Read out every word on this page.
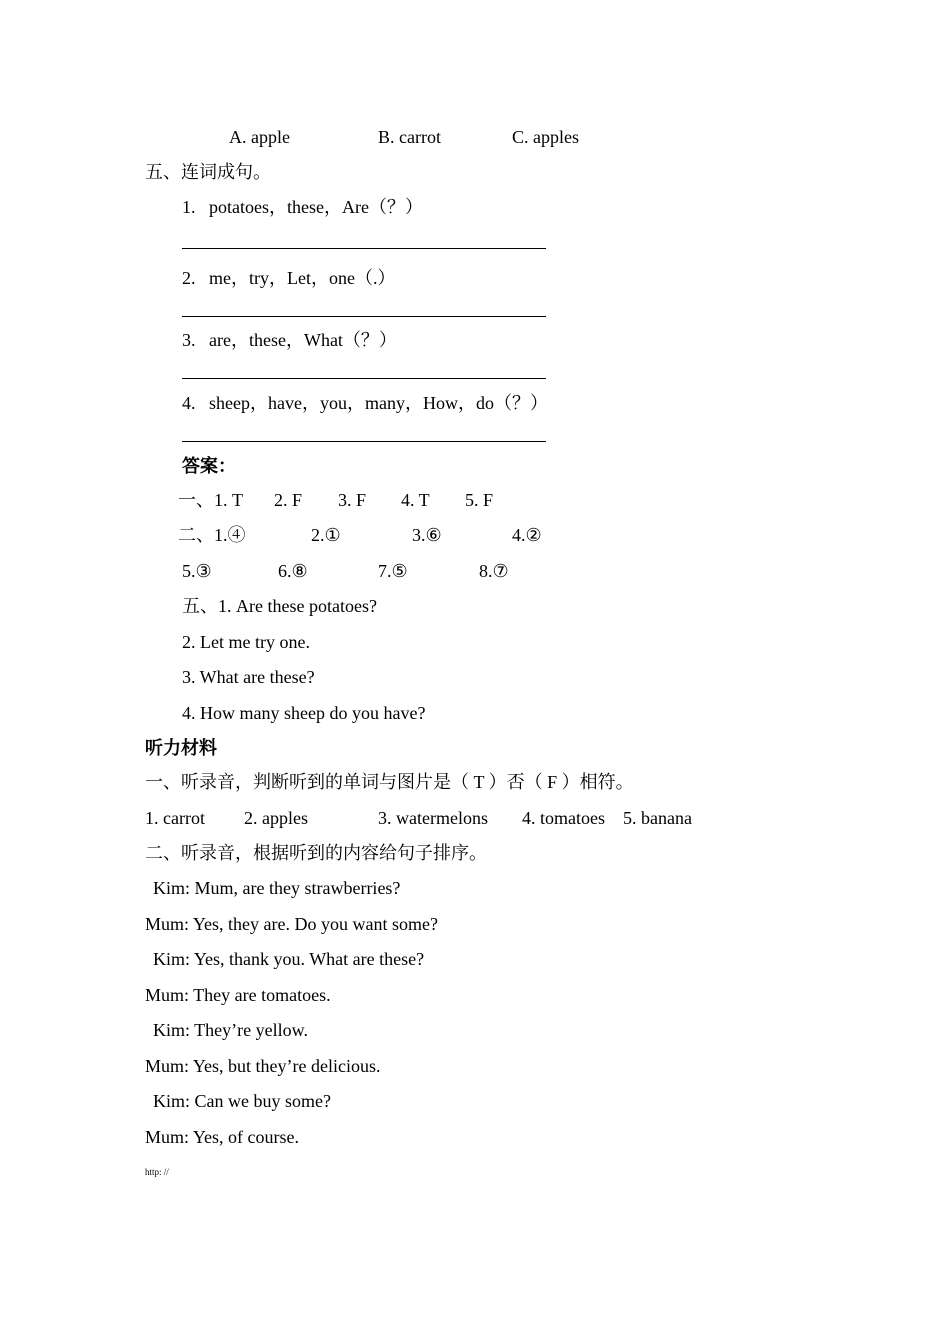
A. apple	B. carrot	C. apples
五、连词成句。
1.   potatoes，these，Are（？）
2.   me，try，Let，one（.）
3.   are，these，What（？）
4.   sheep，have，you，many，How，do（？）
答案：
一、1. T 2. F 3. F 4. T 5. F
二、1.④	2.①	3.⑥	4.②
5.③	6.⑧	7.⑤	8.⑦
五、1. Are these potatoes?
2. Let me try one.
3. What are these?
4. How many sheep do you have?
听力材料
一、听录音，判断听到的单词与图片是（ T ）否（ F ）相符。
1. carrot 2. apples	3. watermelons 4. tomatoes 5. banana
二、听录音，根据听到的内容给句子排序。
Kim: Mum, are they strawberries?
Mum: Yes, they are. Do you want some?
Kim: Yes, thank you. What are these?
Mum: They are tomatoes.
Kim: They’re yellow.
Mum: Yes, but they’re delicious.
Kim: Can we buy some?
Mum: Yes, of course.
http: //
